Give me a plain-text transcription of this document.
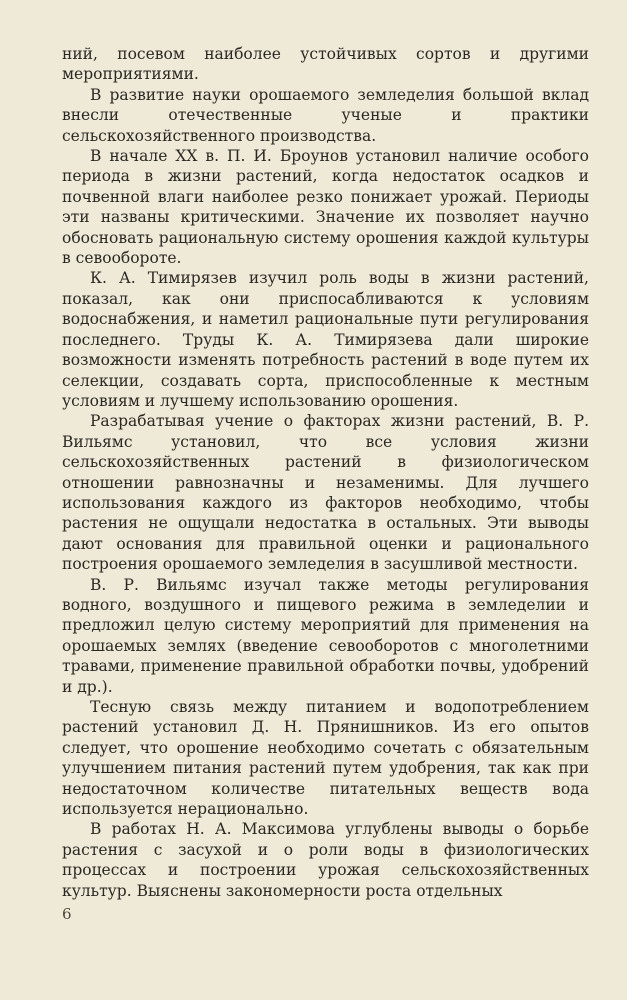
ний, посевом наиболее устойчивых сортов и другими мероприятиями.

В развитие науки орошаемого земледелия большой вклад внесли отечественные ученые и практики сельскохозяйственного производства.

В начале XX в. П. И. Броунов установил наличие особого периода в жизни растений, когда недостаток осадков и почвенной влаги наиболее резко понижает урожай. Периоды эти названы критическими. Значение их позволяет научно обосновать рациональную систему орошения каждой культуры в севообороте.

К. А. Тимирязев изучил роль воды в жизни растений, показал, как они приспосабливаются к условиям водоснабжения, и наметил рациональные пути регулирования последнего. Труды К. А. Тимирязева дали широкие возможности изменять потребность растений в воде путем их селекции, создавать сорта, приспособленные к местным условиям и лучшему использованию орошения.

Разрабатывая учение о факторах жизни растений, В. Р. Вильямс установил, что все условия жизни сельскохозяйственных растений в физиологическом отношении равнозначны и незаменимы. Для лучшего использования каждого из факторов необходимо, чтобы растения не ощущали недостатка в остальных. Эти выводы дают основания для правильной оценки и рационального построения орошаемого земледелия в засушливой местности.

В. Р. Вильямс изучал также методы регулирования водного, воздушного и пищевого режима в земледелии и предложил целую систему мероприятий для применения на орошаемых землях (введение севооборотов с многолетними травами, применение правильной обработки почвы, удобрений и др.).

Тесную связь между питанием и водопотреблением растений установил Д. Н. Прянишников. Из его опытов следует, что орошение необходимо сочетать с обязательным улучшением питания растений путем удобрения, так как при недостаточном количестве питательных веществ вода используется нерационально.

В работах Н. А. Максимова углублены выводы о борьбе растения с засухой и о роли воды в физиологических процессах и построении урожая сельскохозяйственных культур. Выяснены закономерности роста отдельных

6
